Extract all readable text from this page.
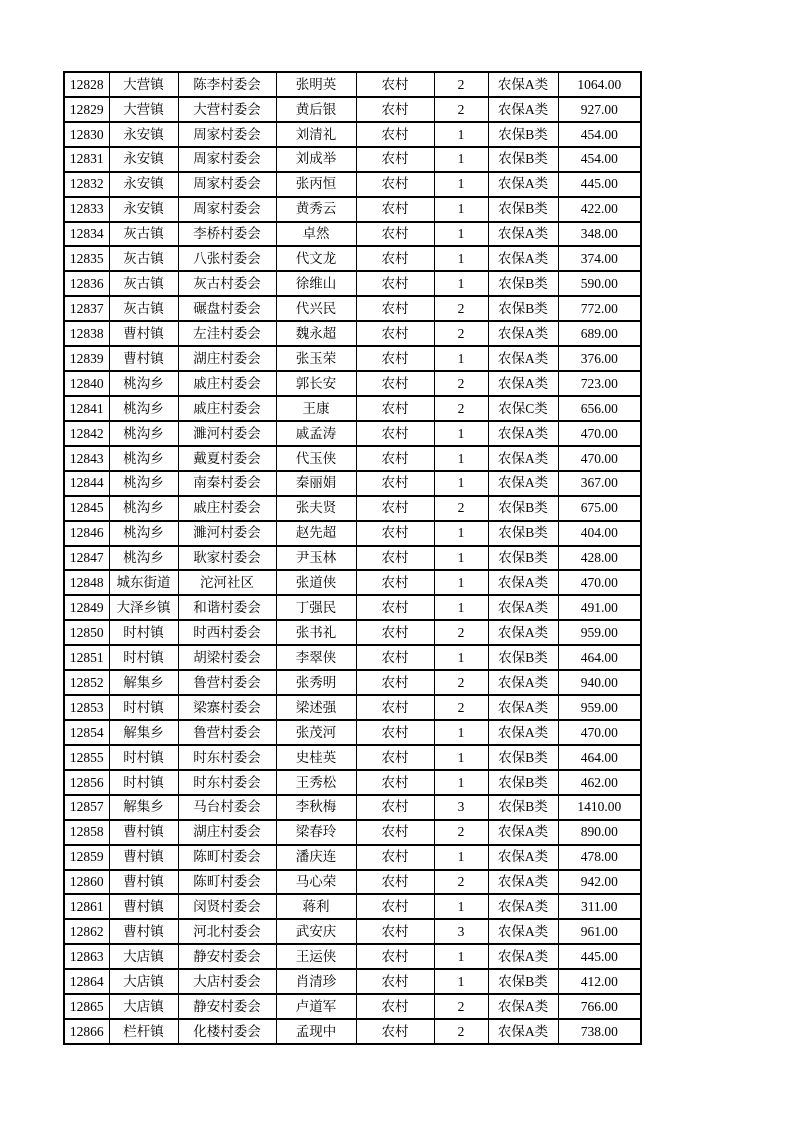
12828	大营镇	陈李村委会	张明英	农村	2	农保A类	1064.00
12829	大营镇	大营村委会	黄后银	农村	2	农保A类	927.00
12830	永安镇	周家村委会	刘清礼	农村	1	农保B类	454.00
12831	永安镇	周家村委会	刘成举	农村	1	农保B类	454.00
12832	永安镇	周家村委会	张丙恒	农村	1	农保A类	445.00
12833	永安镇	周家村委会	黄秀云	农村	1	农保B类	422.00
12834	灰古镇	李桥村委会	卓然	农村	1	农保A类	348.00
12835	灰古镇	八张村委会	代文龙	农村	1	农保A类	374.00
12836	灰古镇	灰古村委会	徐维山	农村	1	农保B类	590.00
12837	灰古镇	碾盘村委会	代兴民	农村	2	农保B类	772.00
12838	曹村镇	左洼村委会	魏永超	农村	2	农保A类	689.00
12839	曹村镇	湖庄村委会	张玉荣	农村	1	农保A类	376.00
12840	桃沟乡	戚庄村委会	郭长安	农村	2	农保A类	723.00
12841	桃沟乡	戚庄村委会	王康	农村	2	农保C类	656.00
12842	桃沟乡	濉河村委会	戚孟涛	农村	1	农保A类	470.00
12843	桃沟乡	戴夏村委会	代玉侠	农村	1	农保A类	470.00
12844	桃沟乡	南秦村委会	秦丽娟	农村	1	农保A类	367.00
12845	桃沟乡	戚庄村委会	张夫贤	农村	2	农保B类	675.00
12846	桃沟乡	濉河村委会	赵先超	农村	1	农保B类	404.00
12847	桃沟乡	耿家村委会	尹玉林	农村	1	农保B类	428.00
12848	城东街道	沱河社区	张道侠	农村	1	农保A类	470.00
12849	大泽乡镇	和谐村委会	丁强民	农村	1	农保A类	491.00
12850	时村镇	时西村委会	张书礼	农村	2	农保A类	959.00
12851	时村镇	胡梁村委会	李翠侠	农村	1	农保B类	464.00
12852	解集乡	鲁营村委会	张秀明	农村	2	农保A类	940.00
12853	时村镇	梁寨村委会	梁述强	农村	2	农保A类	959.00
12854	解集乡	鲁营村委会	张茂河	农村	1	农保A类	470.00
12855	时村镇	时东村委会	史桂英	农村	1	农保B类	464.00
12856	时村镇	时东村委会	王秀松	农村	1	农保B类	462.00
12857	解集乡	马台村委会	李秋梅	农村	3	农保B类	1410.00
12858	曹村镇	湖庄村委会	梁春玲	农村	2	农保A类	890.00
12859	曹村镇	陈町村委会	潘庆连	农村	1	农保A类	478.00
12860	曹村镇	陈町村委会	马心荣	农村	2	农保A类	942.00
12861	曹村镇	闵贤村委会	蒋利	农村	1	农保A类	311.00
12862	曹村镇	河北村委会	武安庆	农村	3	农保A类	961.00
12863	大店镇	静安村委会	王运侠	农村	1	农保A类	445.00
12864	大店镇	大店村委会	肖清珍	农村	1	农保B类	412.00
12865	大店镇	静安村委会	卢道军	农村	2	农保A类	766.00
12866	栏杆镇	化楼村委会	孟现中	农村	2	农保A类	738.00
